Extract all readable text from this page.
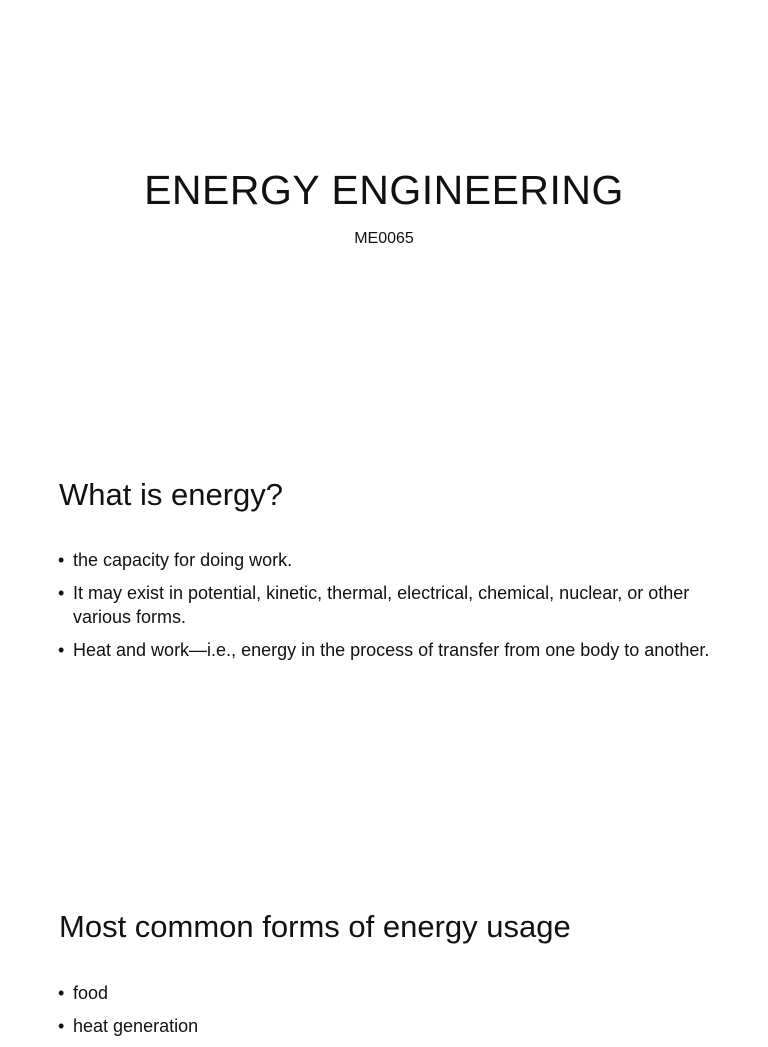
ENERGY ENGINEERING

ME0065

What is energy?
• the capacity for doing work.
• It may exist in potential, kinetic, thermal, electrical, chemical, nuclear, or other various forms.
• Heat and work—i.e., energy in the process of transfer from one body to another.
Most common forms of energy usage
• food
• heat generation
